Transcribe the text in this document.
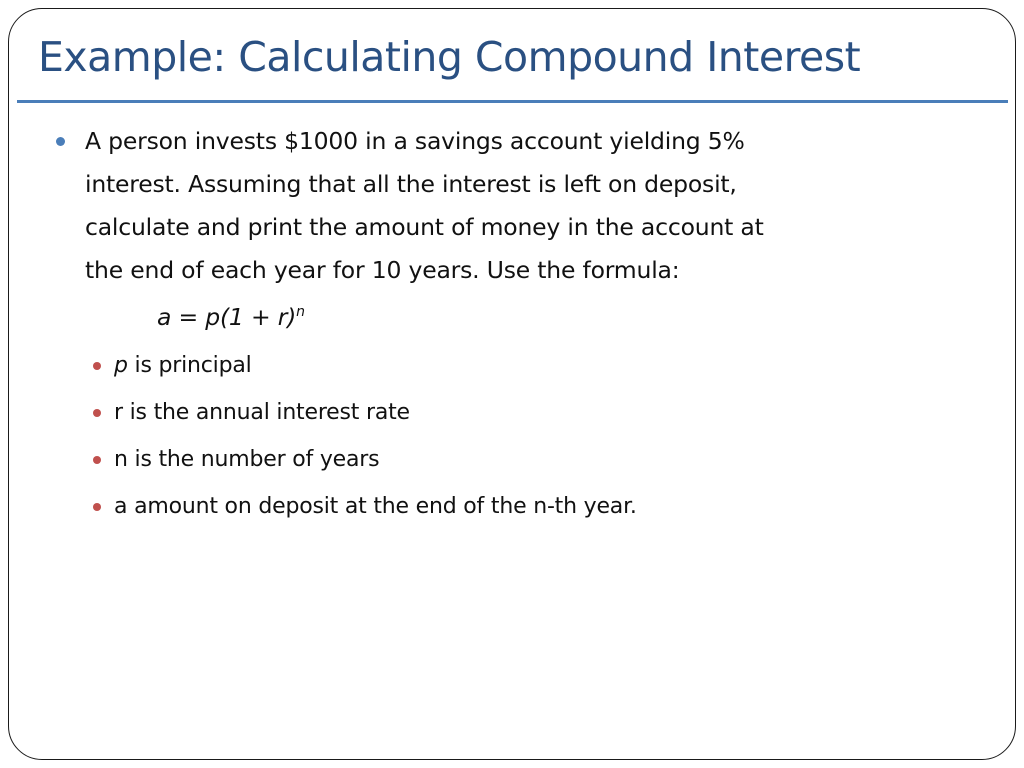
Example: Calculating Compound Interest
A person invests $1000 in a savings account yielding 5%
interest. Assuming that all the interest is left on deposit,
calculate and print the amount of money in the account at
the end of each year for 10 years. Use the formula:
$a = p(1 + r)^n$
p is principal
r is the annual interest rate
n is the number of years
a amount on deposit at the end of the n-th year.
